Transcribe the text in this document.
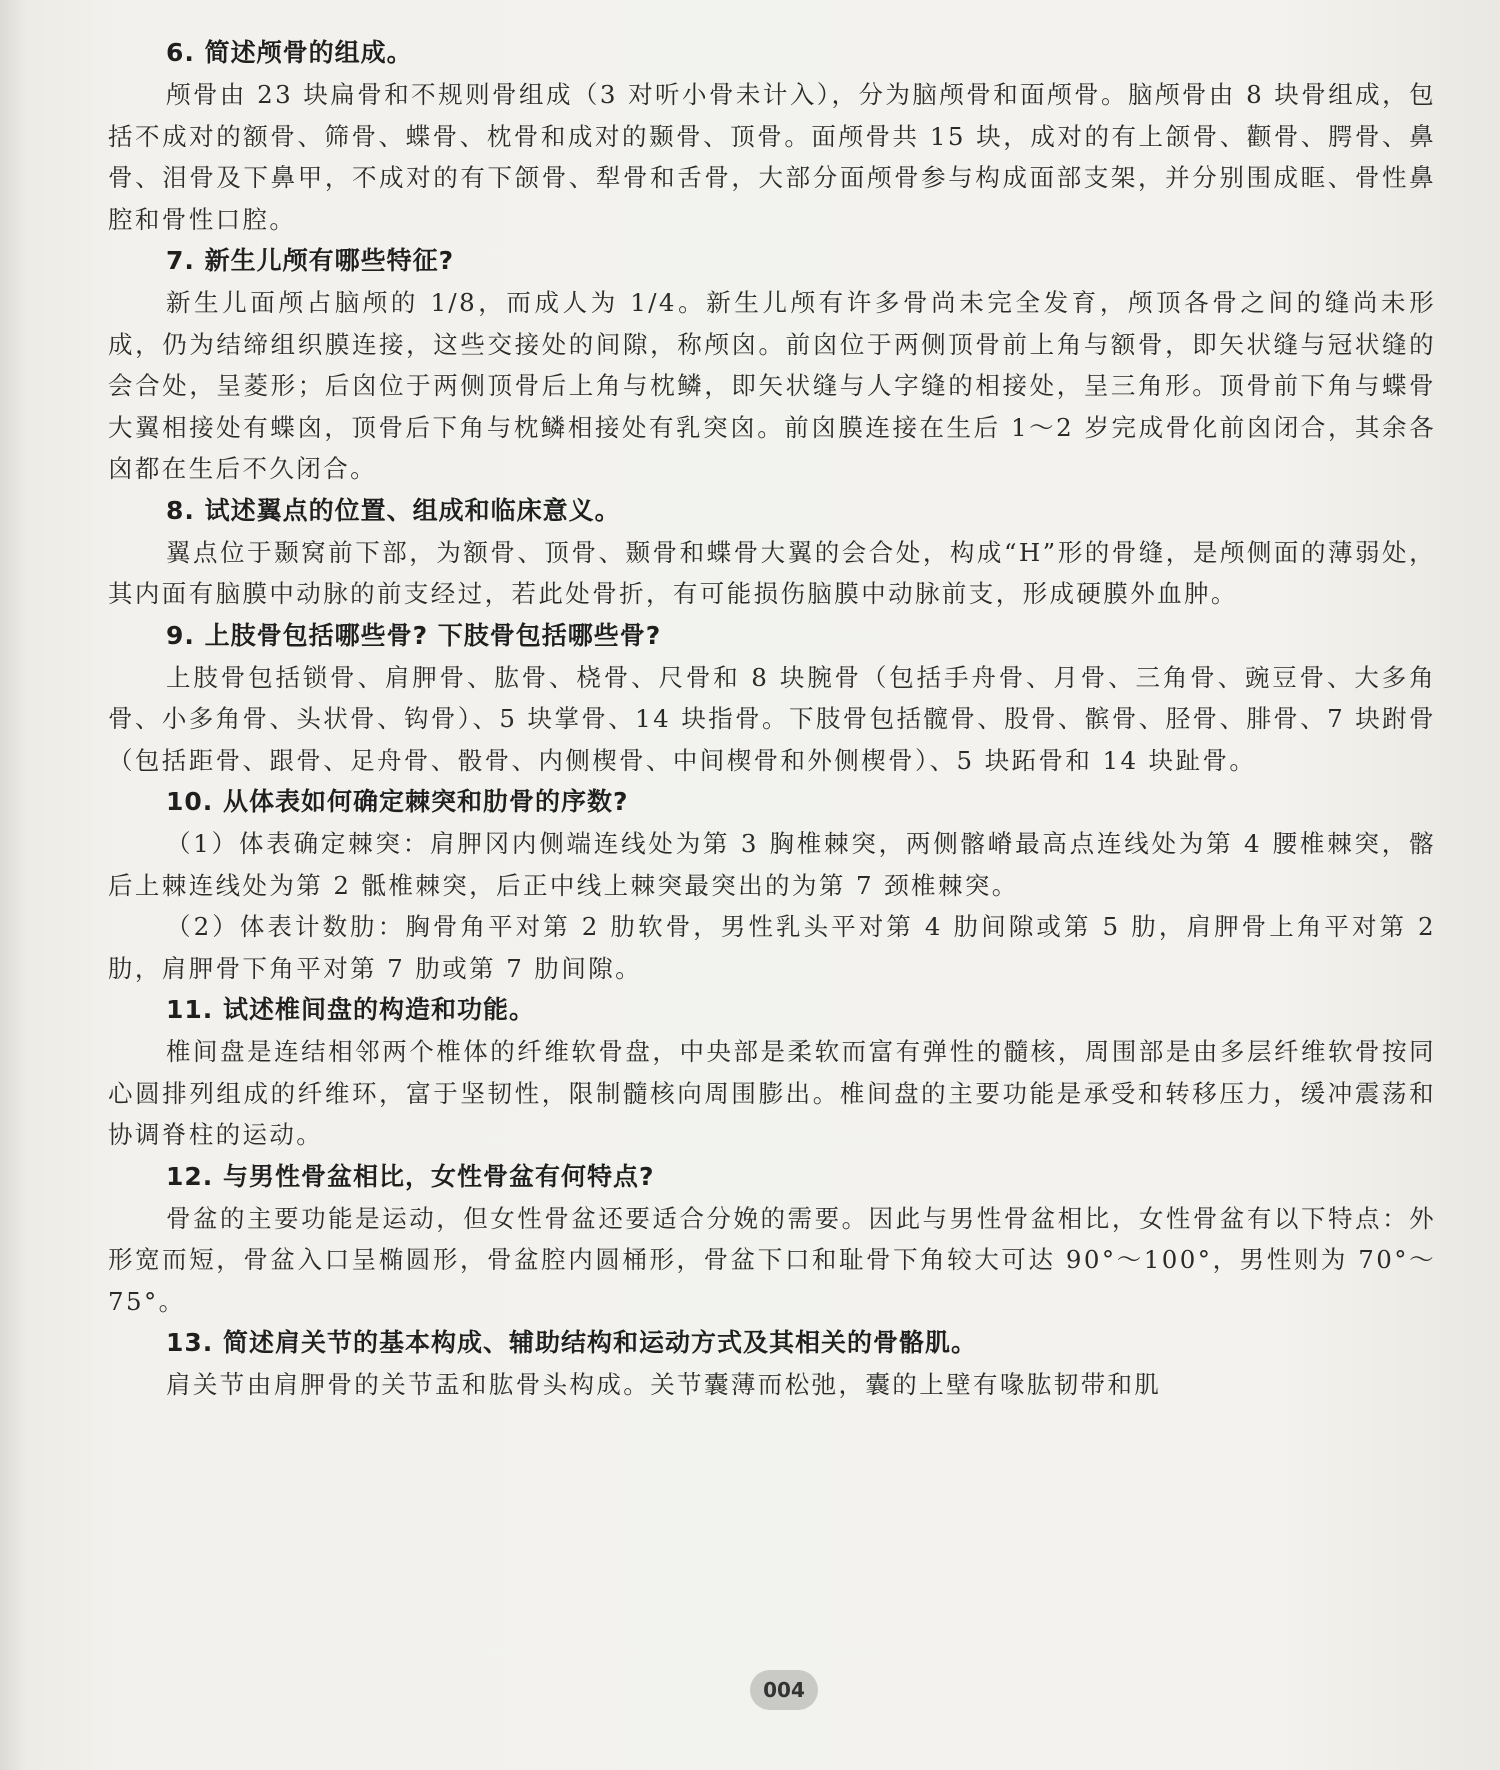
6. 简述颅骨的组成。

颅骨由 23 块扁骨和不规则骨组成（3 对听小骨未计入），分为脑颅骨和面颅骨。脑颅骨由 8 块骨组成，包括不成对的额骨、筛骨、蝶骨、枕骨和成对的颞骨、顶骨。面颅骨共 15 块，成对的有上颌骨、颧骨、腭骨、鼻骨、泪骨及下鼻甲，不成对的有下颌骨、犁骨和舌骨，大部分面颅骨参与构成面部支架，并分别围成眶、骨性鼻腔和骨性口腔。

7. 新生儿颅有哪些特征?

新生儿面颅占脑颅的 1/8，而成人为 1/4。新生儿颅有许多骨尚未完全发育，颅顶各骨之间的缝尚未形成，仍为结缔组织膜连接，这些交接处的间隙，称颅囟。前囟位于两侧顶骨前上角与额骨，即矢状缝与冠状缝的会合处，呈菱形；后囟位于两侧顶骨后上角与枕鳞，即矢状缝与人字缝的相接处，呈三角形。顶骨前下角与蝶骨大翼相接处有蝶囟，顶骨后下角与枕鳞相接处有乳突囟。前囟膜连接在生后 1～2 岁完成骨化前囟闭合，其余各囟都在生后不久闭合。

8. 试述翼点的位置、组成和临床意义。

翼点位于颞窝前下部，为额骨、顶骨、颞骨和蝶骨大翼的会合处，构成“H”形的骨缝，是颅侧面的薄弱处，其内面有脑膜中动脉的前支经过，若此处骨折，有可能损伤脑膜中动脉前支，形成硬膜外血肿。

9. 上肢骨包括哪些骨? 下肢骨包括哪些骨?

上肢骨包括锁骨、肩胛骨、肱骨、桡骨、尺骨和 8 块腕骨（包括手舟骨、月骨、三角骨、豌豆骨、大多角骨、小多角骨、头状骨、钩骨）、5 块掌骨、14 块指骨。下肢骨包括髋骨、股骨、髌骨、胫骨、腓骨、7 块跗骨（包括距骨、跟骨、足舟骨、骰骨、内侧楔骨、中间楔骨和外侧楔骨）、5 块跖骨和 14 块趾骨。

10. 从体表如何确定棘突和肋骨的序数?

（1）体表确定棘突：肩胛冈内侧端连线处为第 3 胸椎棘突，两侧髂嵴最高点连线处为第 4 腰椎棘突，髂后上棘连线处为第 2 骶椎棘突，后正中线上棘突最突出的为第 7 颈椎棘突。

（2）体表计数肋：胸骨角平对第 2 肋软骨，男性乳头平对第 4 肋间隙或第 5 肋，肩胛骨上角平对第 2 肋，肩胛骨下角平对第 7 肋或第 7 肋间隙。

11. 试述椎间盘的构造和功能。

椎间盘是连结相邻两个椎体的纤维软骨盘，中央部是柔软而富有弹性的髓核，周围部是由多层纤维软骨按同心圆排列组成的纤维环，富于坚韧性，限制髓核向周围膨出。椎间盘的主要功能是承受和转移压力，缓冲震荡和协调脊柱的运动。

12. 与男性骨盆相比，女性骨盆有何特点?

骨盆的主要功能是运动，但女性骨盆还要适合分娩的需要。因此与男性骨盆相比，女性骨盆有以下特点：外形宽而短，骨盆入口呈椭圆形，骨盆腔内圆桶形，骨盆下口和耻骨下角较大可达 90°～100°，男性则为 70°～75°。

13. 简述肩关节的基本构成、辅助结构和运动方式及其相关的骨骼肌。

肩关节由肩胛骨的关节盂和肱骨头构成。关节囊薄而松弛，囊的上壁有喙肱韧带和肌

004
